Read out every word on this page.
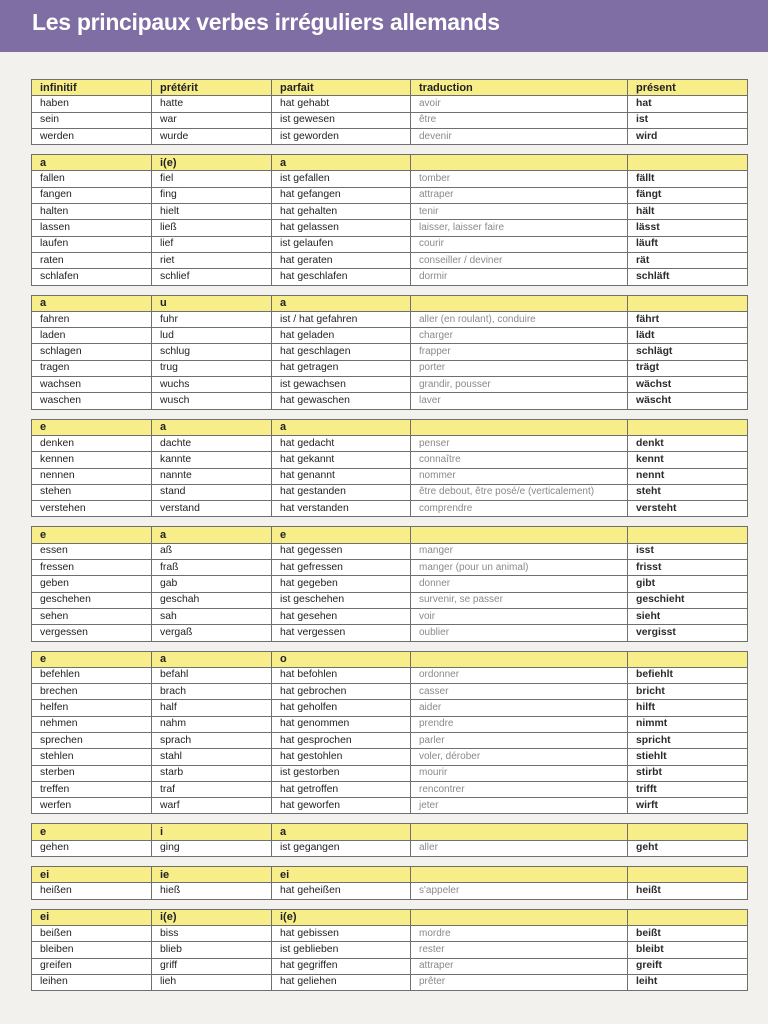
Les principaux verbes irréguliers allemands
infinitif	prétérit	parfait	traduction	présent
haben	hatte	hat gehabt	avoir	hat
sein	war	ist gewesen	être	ist
werden	wurde	ist geworden	devenir	wird
a	i(e)	a		
fallen	fiel	ist gefallen	tomber	fällt
fangen	fing	hat gefangen	attraper	fängt
halten	hielt	hat gehalten	tenir	hält
lassen	ließ	hat gelassen	laisser, laisser faire	lässt
laufen	lief	ist gelaufen	courir	läuft
raten	riet	hat geraten	conseiller / deviner	rät
schlafen	schlief	hat geschlafen	dormir	schläft
a	u	a		
fahren	fuhr	ist / hat gefahren	aller (en roulant), conduire	fährt
laden	lud	hat geladen	charger	lädt
schlagen	schlug	hat geschlagen	frapper	schlägt
tragen	trug	hat getragen	porter	trägt
wachsen	wuchs	ist gewachsen	grandir, pousser	wächst
waschen	wusch	hat gewaschen	laver	wäscht
e	a	a		
denken	dachte	hat gedacht	penser	denkt
kennen	kannte	hat gekannt	connaître	kennt
nennen	nannte	hat genannt	nommer	nennt
stehen	stand	hat gestanden	être debout, être posé/e (verticalement)	steht
verstehen	verstand	hat verstanden	comprendre	versteht
e	a	e		
essen	aß	hat gegessen	manger	isst
fressen	fraß	hat gefressen	manger (pour un animal)	frisst
geben	gab	hat gegeben	donner	gibt
geschehen	geschah	ist geschehen	survenir, se passer	geschieht
sehen	sah	hat gesehen	voir	sieht
vergessen	vergaß	hat vergessen	oublier	vergisst
e	a	o		
befehlen	befahl	hat befohlen	ordonner	befiehlt
brechen	brach	hat gebrochen	casser	bricht
helfen	half	hat geholfen	aider	hilft
nehmen	nahm	hat genommen	prendre	nimmt
sprechen	sprach	hat gesprochen	parler	spricht
stehlen	stahl	hat gestohlen	voler, dérober	stiehlt
sterben	starb	ist gestorben	mourir	stirbt
treffen	traf	hat getroffen	rencontrer	trifft
werfen	warf	hat geworfen	jeter	wirft
e	i	a		
gehen	ging	ist gegangen	aller	geht
ei	ie	ei		
heißen	hieß	hat geheißen	s'appeler	heißt
ei	i(e)	i(e)		
beißen	biss	hat gebissen	mordre	beißt
bleiben	blieb	ist geblieben	rester	bleibt
greifen	griff	hat gegriffen	attraper	greift
leihen	lieh	hat geliehen	prêter	leiht
